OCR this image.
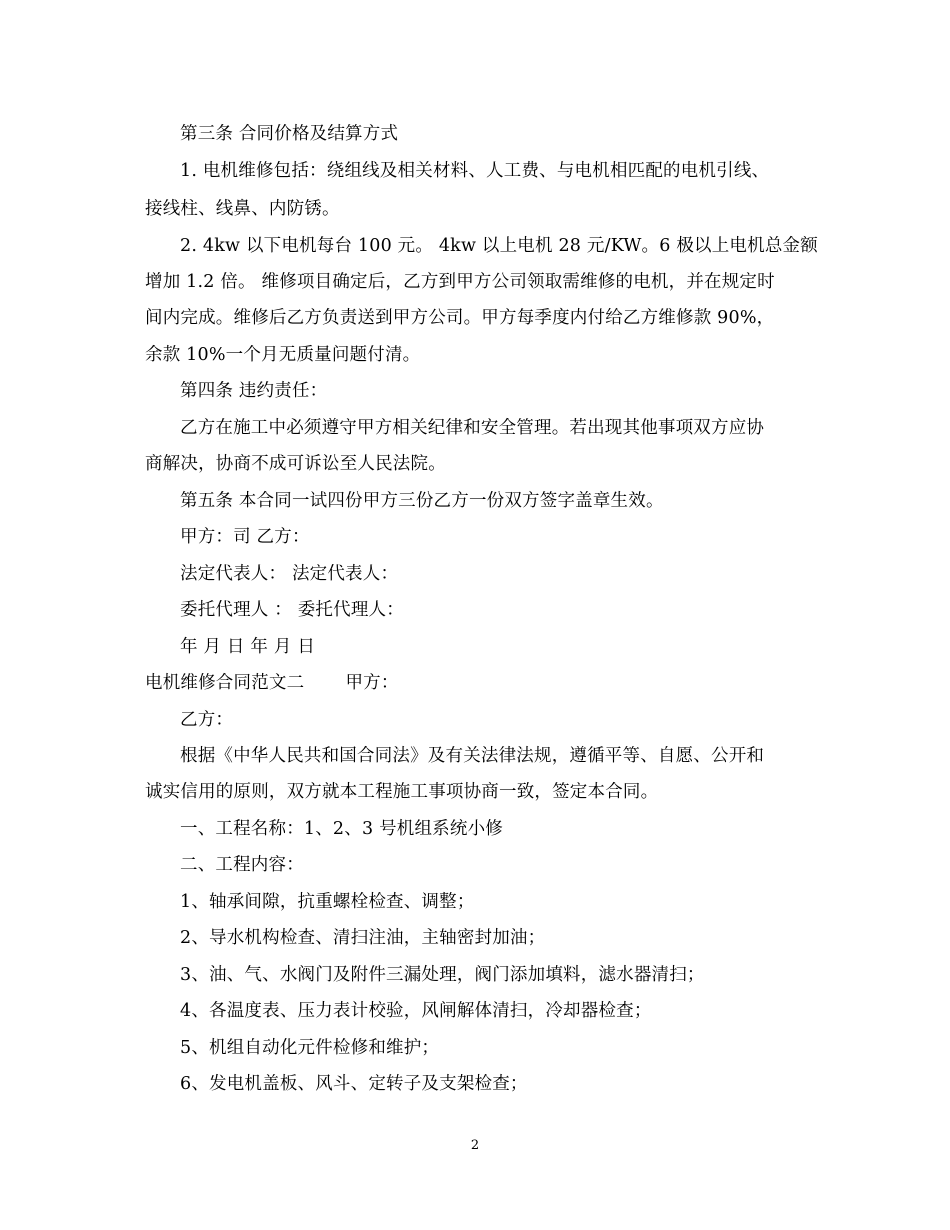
第三条 合同价格及结算方式
1. 电机维修包括：绕组线及相关材料、人工费、与电机相匹配的电机引线、
接线柱、线鼻、内防锈。
2. 4kw 以下电机每台 100 元。 4kw 以上电机 28 元/KW。6 极以上电机总金额
增加 1.2 倍。 维修项目确定后，乙方到甲方公司领取需维修的电机，并在规定时
间内完成。维修后乙方负责送到甲方公司。甲方每季度内付给乙方维修款 90%，
余款 10%一个月无质量问题付清。
第四条 违约责任：
乙方在施工中必须遵守甲方相关纪律和安全管理。若出现其他事项双方应协
商解决，协商不成可诉讼至人民法院。
第五条 本合同一试四份甲方三份乙方一份双方签字盖章生效。
甲方：司 乙方：
法定代表人： 法定代表人：
委托代理人 ： 委托代理人：
年 月 日 年 月 日
电机维修合同范文二　　 甲方：
乙方：
根据《中华人民共和国合同法》及有关法律法规，遵循平等、自愿、公开和
诚实信用的原则，双方就本工程施工事项协商一致，签定本合同。
一、工程名称：1、2、3 号机组系统小修
二、工程内容：
1、轴承间隙，抗重螺栓检查、调整；
2、导水机构检查、清扫注油，主轴密封加油；
3、油、气、水阀门及附件三漏处理，阀门添加填料，滤水器清扫；
4、各温度表、压力表计校验，风闸解体清扫，冷却器检查；
5、机组自动化元件检修和维护；
6、发电机盖板、风斗、定转子及支架检查；
2
